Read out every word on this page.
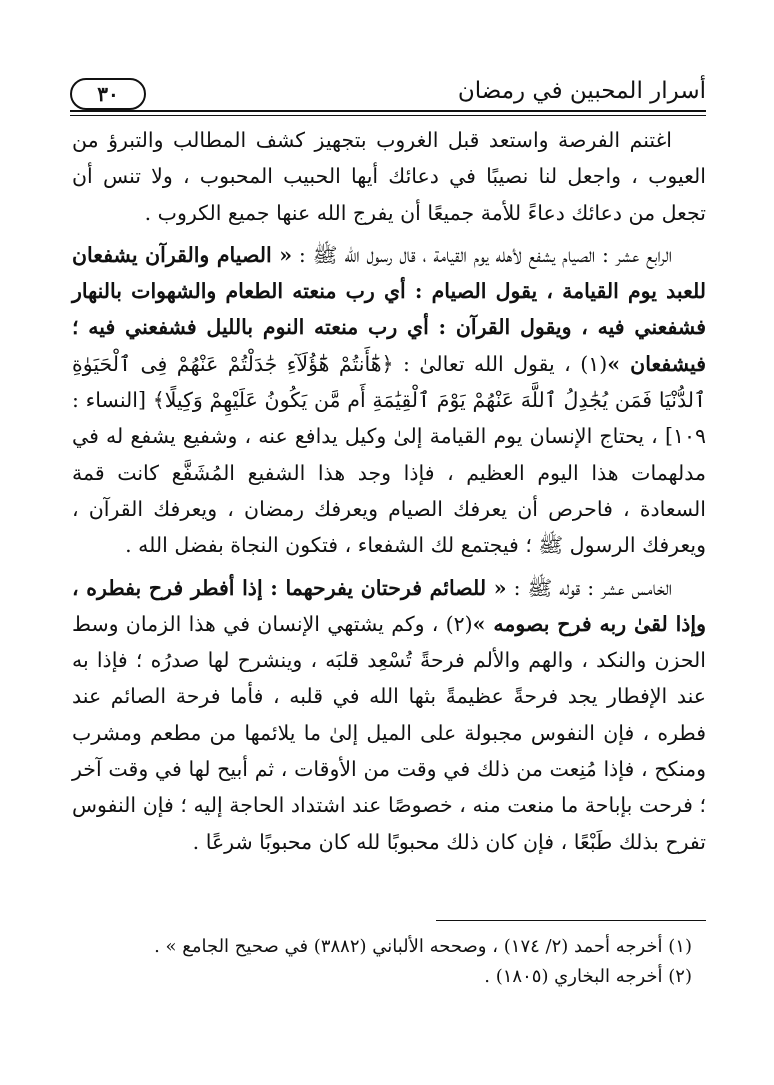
٣٠	أسرار المحبين في رمضان

اغتنم الفرصة واستعد قبل الغروب بتجهيز كشف المطالب والتبرؤ من العيوب ، واجعل لنا نصيبًا في دعائك أيها الحبيب المحبوب ، ولا تنس أن تجعل من دعائك دعاءً للأمة جميعًا أن يفرج الله عنها جميع الكروب .

الرابع عشر : الصيام يشفع لأهله يوم القيامة ، قال رسول الله ﷺ : « الصيام والقرآن يشفعان للعبد يوم القيامة ، يقول الصيام : أي رب منعته الطعام والشهوات بالنهار فشفعني فيه ، ويقول القرآن : أي رب منعته النوم بالليل فشفعني فيه ؛ فيشفعان »(١) ، يقول الله تعالىٰ : ﴿هَٰٓأَنتُمْ هَٰٓؤُلَآءِ جَٰدَلْتُمْ عَنْهُمْ فِى ٱلْحَيَوٰةِ ٱلدُّنْيَا فَمَن يُجَٰدِلُ ٱللَّهَ عَنْهُمْ يَوْمَ ٱلْقِيَٰمَةِ أَم مَّن يَكُونُ عَلَيْهِمْ وَكِيلًا﴾ [النساء : ١٠٩] ، يحتاج الإنسان يوم القيامة إلىٰ وكيل يدافع عنه ، وشفيع يشفع له في مدلهمات هذا اليوم العظيم ، فإذا وجد هذا الشفيع المُشَفَّع كانت قمة السعادة ، فاحرص أن يعرفك الصيام ويعرفك رمضان ، ويعرفك القرآن ، ويعرفك الرسول ﷺ ؛ فيجتمع لك الشفعاء ، فتكون النجاة بفضل الله .

الخامس عشر : قوله ﷺ : « للصائم فرحتان يفرحهما : إذا أفطر فرح بفطره ، وإذا لقىٰ ربه فرح بصومه »(٢) ، وكم يشتهي الإنسان في هذا الزمان وسط الحزن والنكد ، والهم والألم فرحةً تُسْعِد قلبَه ، وينشرح لها صدرُه ؛ فإذا به عند الإفطار يجد فرحةً عظيمةً بثها الله في قلبه ، فأما فرحة الصائم عند فطره ، فإن النفوس مجبولة على الميل إلىٰ ما يلائمها من مطعم ومشرب ومنكح ، فإذا مُنِعت من ذلك في وقت من الأوقات ، ثم أبيح لها في وقت آخر ؛ فرحت بإباحة ما منعت منه ، خصوصًا عند اشتداد الحاجة إليه ؛ فإن النفوس تفرح بذلك طَبْعًا ، فإن كان ذلك محبوبًا لله كان محبوبًا شرعًا .

(١) أخرجه أحمد (٢/ ١٧٤) ، وصححه الألباني (٣٨٨٢) في صحيح الجامع » .

(٢) أخرجه البخاري (١٨٠٥) .
